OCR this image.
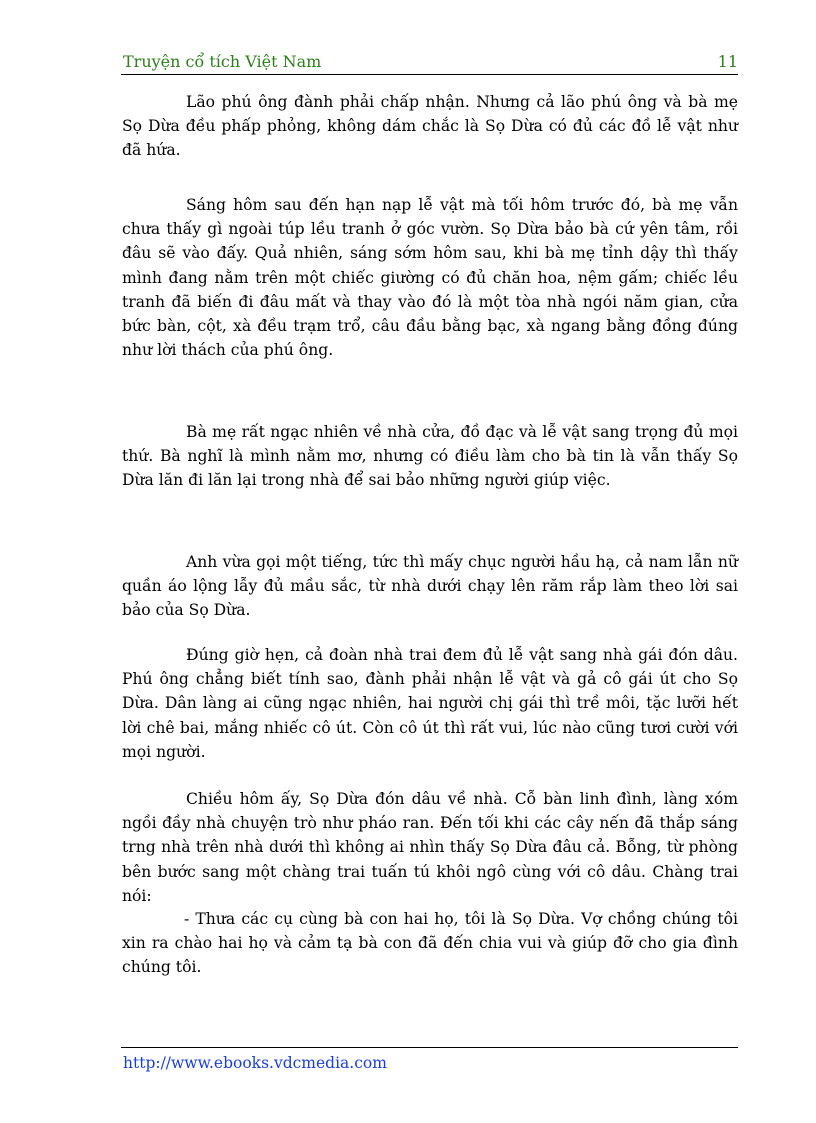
Truyện cổ tích Việt Nam	11

Lão phú ông đành phải chấp nhận. Nhưng cả lão phú ông và bà mẹ Sọ Dừa đều phấp phỏng, không dám chắc là Sọ Dừa có đủ các đồ lễ vật như đã hứa.

Sáng hôm sau đến hạn nạp lễ vật mà tối hôm trước đó, bà mẹ vẫn chưa thấy gì ngoài túp lều tranh ở góc vườn. Sọ Dừa bảo bà cứ yên tâm, rồi đâu sẽ vào đấy. Quả nhiên, sáng sớm hôm sau, khi bà mẹ tỉnh dậy thì thấy mình đang nằm trên một chiếc giường có đủ chăn hoa, nệm gấm; chiếc lều tranh đã biến đi đâu mất và thay vào đó là một tòa nhà ngói năm gian, cửa bức bàn, cột, xà đều trạm trổ, câu đầu bằng bạc, xà ngang bằng đồng đúng như lời thách của phú ông.

Bà mẹ rất ngạc nhiên về nhà cửa, đồ đạc và lễ vật sang trọng đủ mọi thứ. Bà nghĩ là mình nằm mơ, nhưng có điều làm cho bà tin là vẫn thấy Sọ Dừa lăn đi lăn lại trong nhà để sai bảo những người giúp việc.

Anh vừa gọi một tiếng, tức thì mấy chục người hầu hạ, cả nam lẫn nữ quần áo lộng lẫy đủ mầu sắc, từ nhà dưới chạy lên răm rắp làm theo lời sai bảo của Sọ Dừa.

Đúng giờ hẹn, cả đoàn nhà trai đem đủ lễ vật sang nhà gái đón dâu. Phú ông chẳng biết tính sao, đành phải nhận lễ vật và gả cô gái út cho Sọ Dừa. Dân làng ai cũng ngạc nhiên, hai người chị gái thì trề môi, tặc lưỡi hết lời chê bai, mắng nhiếc cô út. Còn cô út thì rất vui, lúc nào cũng tươi cười với mọi người.

Chiều hôm ấy, Sọ Dừa đón dâu về nhà. Cỗ bàn linh đình, làng xóm ngồi đầy nhà chuyện trò như pháo ran. Đến tối khi các cây nến đã thắp sáng trng nhà trên nhà dưới thì không ai nhìn thấy Sọ Dừa đâu cả. Bỗng, từ phòng bên bước sang một chàng trai tuấn tú khôi ngô cùng với cô dâu. Chàng trai nói:

- Thưa các cụ cùng bà con hai họ, tôi là Sọ Dừa. Vợ chồng chúng tôi xin ra chào hai họ và cảm tạ bà con đã đến chia vui và giúp đỡ cho gia đình chúng tôi.

http://www.ebooks.vdcmedia.com
